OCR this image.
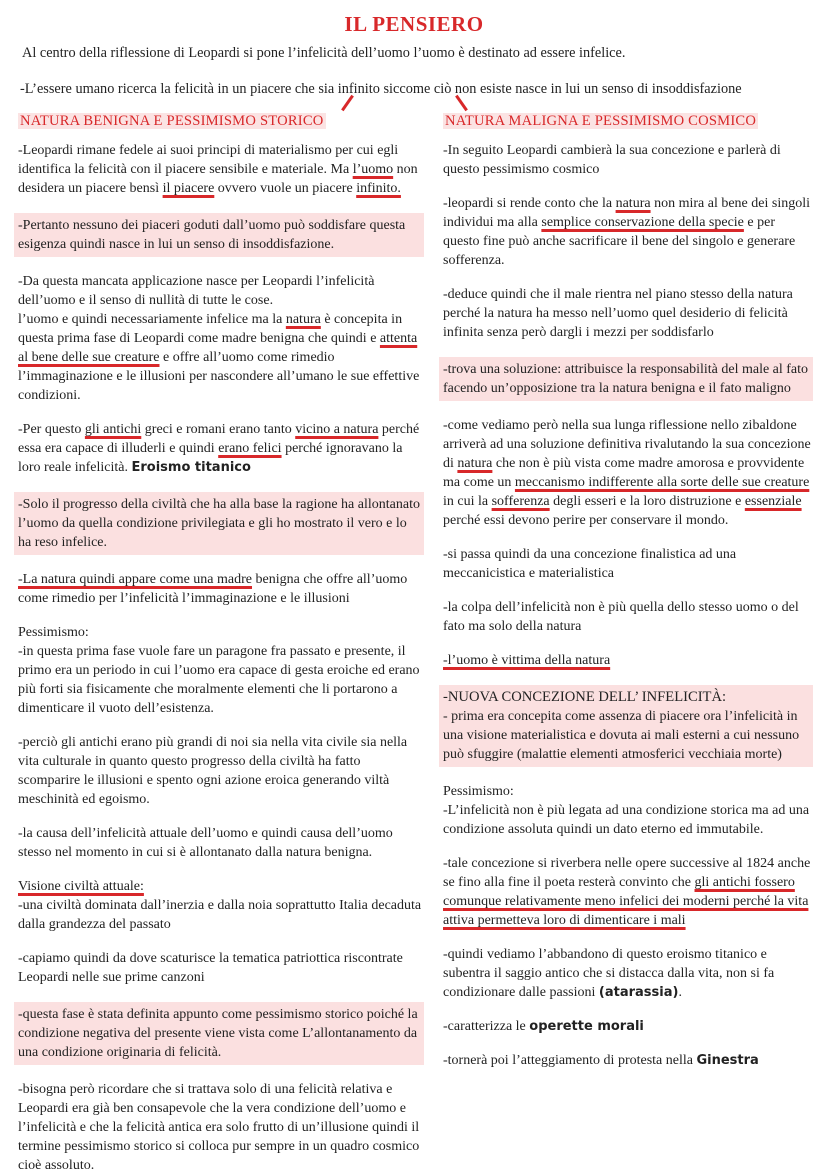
IL PENSIERO
Al centro della riflessione di Leopardi si pone l’infelicità dell’uomo l’uomo è destinato ad essere infelice.
-L’essere umano ricerca la felicità in un piacere che sia infinito siccome ciò non esiste nasce in lui un senso di insoddisfazione
NATURA BENIGNA E PESSIMISMO STORICO
-Leopardi rimane fedele ai suoi principi di materialismo per cui egli identifica la felicità con il piacere sensibile e materiale. Ma l’uomo non desidera un piacere bensì il piacere ovvero vuole un piacere infinito.
-Pertanto nessuno dei piaceri goduti dall’uomo può soddisfare questa esigenza quindi nasce in lui un senso di insoddisfazione.
-Da questa mancata applicazione nasce per Leopardi l’infelicità dell’uomo e il senso di nullità di tutte le cose.
l’uomo e quindi necessariamente infelice ma la natura è concepita in questa prima fase di Leopardi come madre benigna che quindi e attenta al bene delle sue creature e offre all’uomo come rimedio l’immaginazione e le illusioni per nascondere all’umano le sue effettive condizioni.
-Per questo gli antichi greci e romani erano tanto vicino a natura perché essa era capace di illuderli e quindi erano felici perché ignoravano la loro reale infelicità. Eroismo titanico
-Solo il progresso della civiltà che ha alla base la ragione ha allontanato l’uomo da quella condizione privilegiata e gli ho mostrato il vero e lo ha reso infelice.
-La natura quindi appare come una madre benigna che offre all’uomo come rimedio per l’infelicità l’immaginazione e le illusioni
Pessimismo:
-in questa prima fase vuole fare un paragone fra passato e presente, il primo era un periodo in cui l’uomo era capace di gesta eroiche ed erano più forti sia fisicamente che moralmente elementi che li portarono a dimenticare il vuoto dell’esistenza.
-perciò gli antichi erano più grandi di noi sia nella vita civile sia nella vita culturale in quanto questo progresso della civiltà ha fatto scomparire le illusioni e spento ogni azione eroica generando viltà meschinità ed egoismo.
-la causa dell’infelicità attuale dell’uomo e quindi causa dell’uomo stesso nel momento in cui si è allontanato dalla natura benigna.
Visione civiltà attuale:
-una civiltà dominata dall’inerzia e dalla noia soprattutto Italia decaduta dalla grandezza del passato
-capiamo quindi da dove scaturisce la tematica patriottica riscontrate Leopardi nelle sue prime canzoni
-questa fase è stata definita appunto come pessimismo storico poiché la condizione negativa del presente viene vista come L’allontanamento da una condizione originaria di felicità.
-bisogna però ricordare che si trattava solo di una felicità relativa e Leopardi era già ben consapevole che la vera condizione dell’uomo e l’infelicità e che la felicità antica era solo frutto di un’illusione quindi il termine pessimismo storico si colloca pur sempre in un quadro cosmico cioè assoluto.
NATURA MALIGNA E PESSIMISMO COSMICO
-In seguito Leopardi cambierà la sua concezione e parlerà di questo pessimismo cosmico
-leopardi si rende conto che la natura non mira al bene dei singoli individui ma alla semplice conservazione della specie e per questo fine può anche sacrificare il bene del singolo e generare sofferenza.
-deduce quindi che il male rientra nel piano stesso della natura perché la natura ha messo nell’uomo quel desiderio di felicità infinita senza però dargli i mezzi per soddisfarlo
-trova una soluzione: attribuisce la responsabilità del male al fato facendo un’opposizione tra la natura benigna e il fato maligno
-come vediamo però nella sua lunga riflessione nello zibaldone arriverà ad una soluzione definitiva rivalutando la sua concezione di natura che non è più vista come madre amorosa e provvidente ma come un meccanismo indifferente alla sorte delle sue creature in cui la sofferenza degli esseri e la loro distruzione e essenziale perché essi devono perire per conservare il mondo.
-si passa quindi da una concezione finalistica ad una meccanicistica e materialistica
-la colpa dell’infelicità non è più quella dello stesso uomo o del fato ma solo della natura
-l’uomo è vittima della natura
-NUOVA CONCEZIONE DELL’ INFELICITÀ:
- prima era concepita come assenza di piacere ora l’infelicità in una visione materialistica e dovuta ai mali esterni a cui nessuno può sfuggire (malattie elementi atmosferici vecchiaia morte)
Pessimismo:
-L’infelicità non è più legata ad una condizione storica ma ad una condizione assoluta quindi un dato eterno ed immutabile.
-tale concezione si riverbera nelle opere successive al 1824 anche se fino alla fine il poeta resterà convinto che gli antichi fossero comunque relativamente meno infelici dei moderni perché la vita attiva permetteva loro di dimenticare i mali
-quindi vediamo l’abbandono di questo eroismo titanico e subentra il saggio antico che si distacca dalla vita, non si fa condizionare dalle passioni (atarassia).
-caratterizza le operette morali
-tornerà poi l’atteggiamento di protesta nella Ginestra
